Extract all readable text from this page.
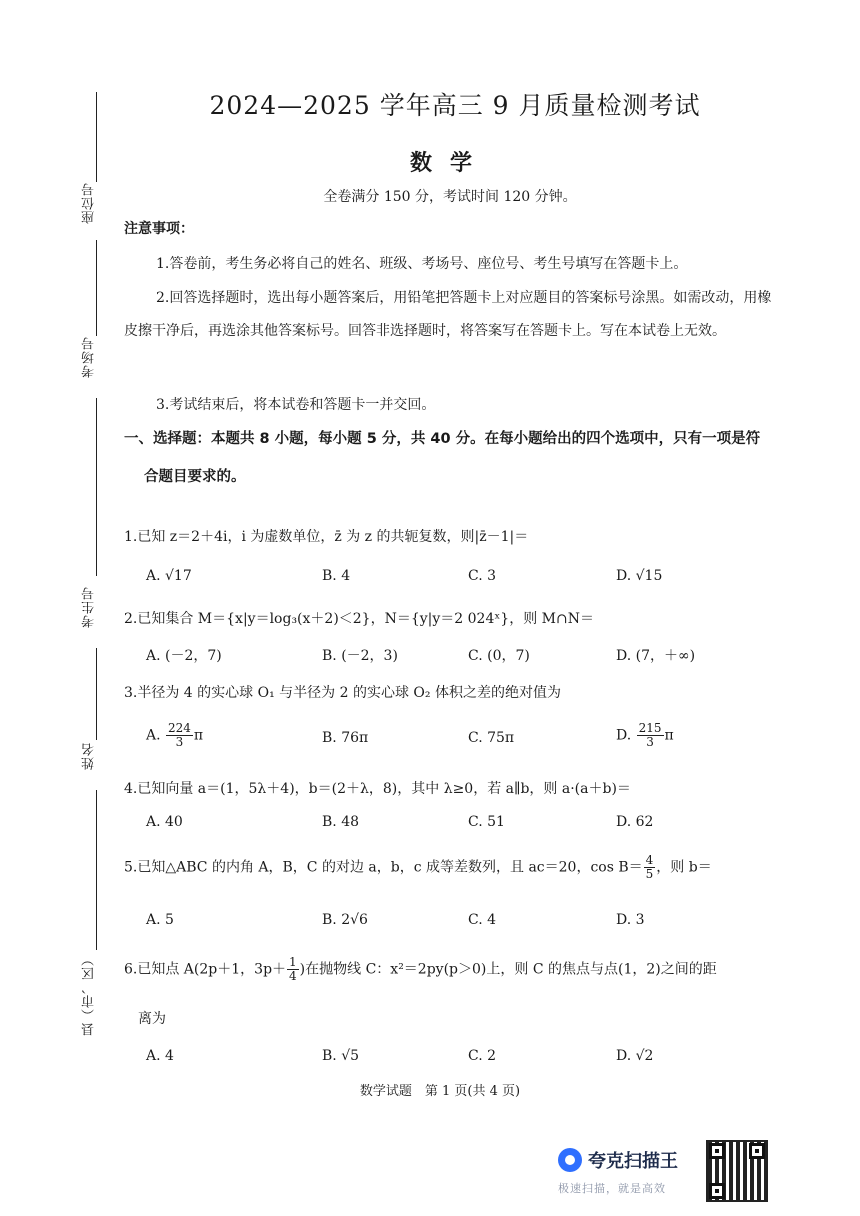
座位号
考场号
考生号
姓名
县（市、区）
2024—2025 学年高三 9 月质量检测考试
数学
全卷满分 150 分，考试时间 120 分钟。
注意事项：
1.答卷前，考生务必将自己的姓名、班级、考场号、座位号、考生号填写在答题卡上。
2.回答选择题时，选出每小题答案后，用铅笔把答题卡上对应题目的答案标号涂黑。如需改动，用橡皮擦干净后，再选涂其他答案标号。回答非选择题时，将答案写在答题卡上。写在本试卷上无效。
3.考试结束后，将本试卷和答题卡一并交回。
一、选择题：本题共 8 小题，每小题 5 分，共 40 分。在每小题给出的四个选项中，只有一项是符
合题目要求的。
1.已知 z＝2＋4i，i 为虚数单位，z̄ 为 z 的共轭复数，则|z̄－1|＝
A. √17	B. 4	C. 3	D. √15
2.已知集合 M＝{x|y＝log₃(x＋2)＜2}，N＝{y|y＝2 024ˣ}，则 M∩N＝
A. (－2，7)	B. (－2，3)	C. (0，7)	D. (7，＋∞)
3.半径为 4 的实心球 O₁ 与半径为 2 的实心球 O₂ 体积之差的绝对值为
A. $\frac{224}{3}$ π	B. 76π	C. 75π	D. $\frac{215}{3}$ π
4.已知向量 a＝(1，5λ＋4)，b＝(2＋λ，8)，其中 λ≥0，若 a∥b，则 a·(a＋b)＝
A. 40	B. 48	C. 51	D. 62
5.已知△ABC 的内角 A，B，C 的对边 a，b，c 成等差数列，且 ac＝20，$\cos B= \frac{4}{5}$ ，则 b＝
A. 5	B. 2√6	C. 4	D. 3
6.已知点 A(2p＋1，$3p+ \frac{1}{4}$ )在抛物线 C：x²＝2py(p＞0)上，则 C 的焦点与点(1，2)之间的距
离为
A. 4	B. √5	C. 2	D. √2
数学试题　第 1 页(共 4 页)
夸克扫描王
极速扫描，就是高效
